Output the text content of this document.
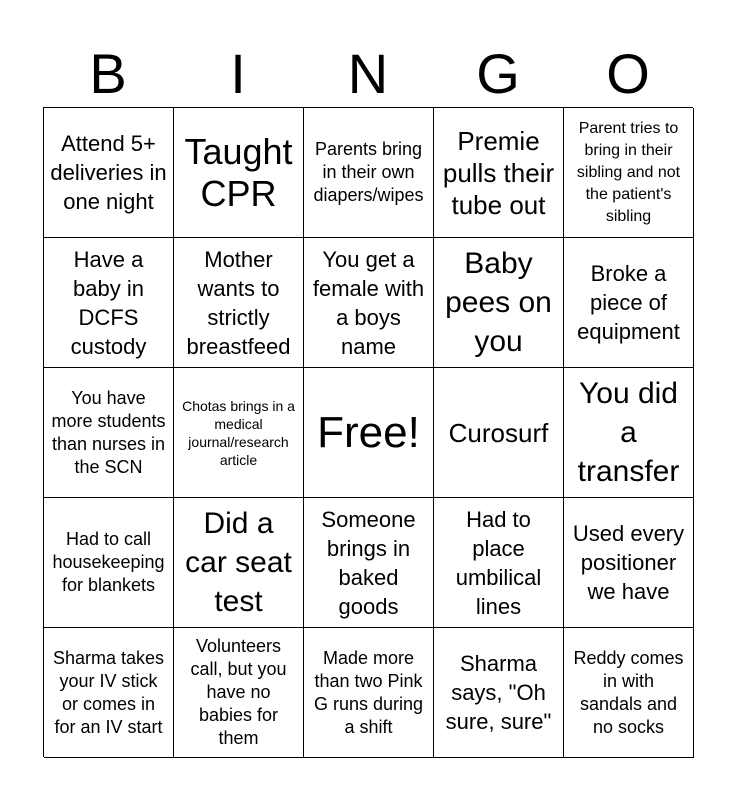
B	I	N	G	O
Attend 5+ deliveries in one night
Taught CPR
Parents bring in their own diapers/wipes
Premie pulls their tube out
Parent tries to bring in their sibling and not the patient's sibling
Have a baby in DCFS custody
Mother wants to strictly breastfeed
You get a female with a boys name
Baby pees on you
Broke a piece of equipment
You have more students than nurses in the SCN
Chotas brings in a medical journal/research article
Free! Curosurf
You did a transfer
Had to call housekeeping for blankets
Did a car seat test
Someone brings in baked goods
Had to place umbilical lines
Used every positioner we have
Sharma takes your IV stick or comes in for an IV start
Volunteers call, but you have no babies for them
Made more than two Pink G runs during a shift
Sharma says, "Oh sure, sure"
Reddy comes in with sandals and no socks
